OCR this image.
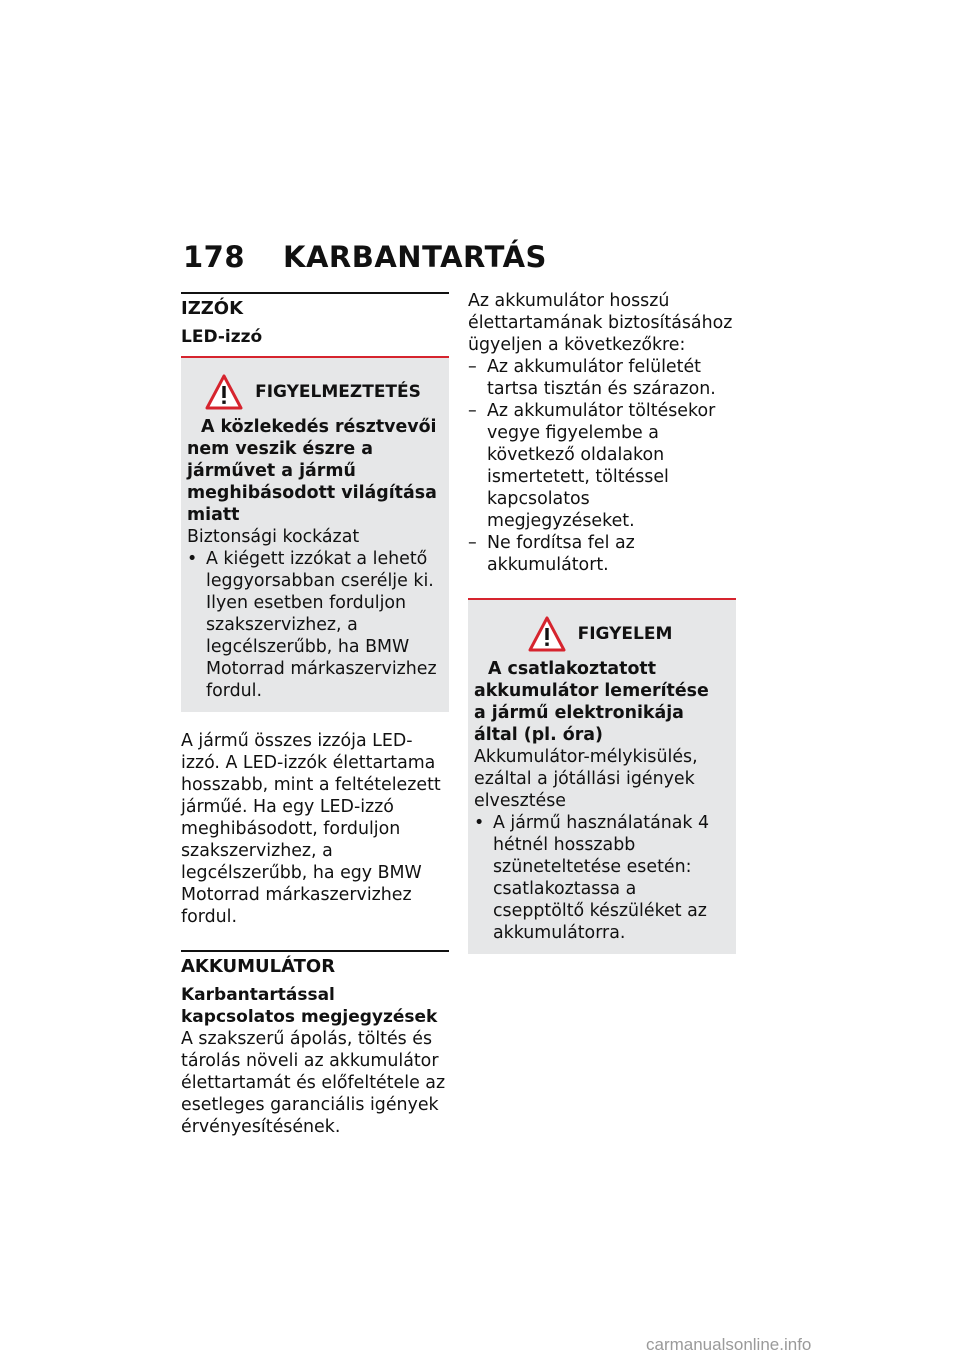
178 KARBANTARTÁS
IZZÓK
LED-izzó
FIGYELMEZTETÉS

A közlekedés résztvevői nem veszik észre a járművet a jármű meghibásodott világítása miatt

Biztonsági kockázat

• A kiégett izzókat a lehető leggyorsabban cserélje ki. Ilyen esetben forduljon szakszervizhez, a legcélszerűbb, ha BMW Motorrad márkaszervizhez fordul.

A jármű összes izzója LED-izzó. A LED-izzók élettartama hosszabb, mint a feltételezett járműé. Ha egy LED-izzó meghibásodott, forduljon szakszervizhez, a legcélszerűbb, ha egy BMW Motorrad márkaszervizhez fordul.

AKKUMULÁTOR
Karbantartással kapcsolatos megjegyzések

A szakszerű ápolás, töltés és tárolás növeli az akkumulátor élettartamát és előfeltétele az esetleges garanciális igények érvényesítésének.

Az akkumulátor hosszú élettartamának biztosításához ügyeljen a következőkre:

– Az akkumulátor felületét tartsa tisztán és szárazon.
– Az akkumulátor töltésekor vegye figyelembe a következő oldalakon ismertetett, töltéssel kapcsolatos megjegyzéseket.
– Ne fordítsa fel az akkumulátort.
FIGYELEM

A csatlakoztatott akkumulátor lemerítése a jármű elektronikája által (pl. óra)

Akkumulátor-mélykisülés, ezáltal a jótállási igények elvesztése

• A jármű használatának 4 hétnél hosszabb szüneteltetése esetén: csatlakoztassa a csepptöltő készüléket az akkumulátorra.
carmanualsonline.info
